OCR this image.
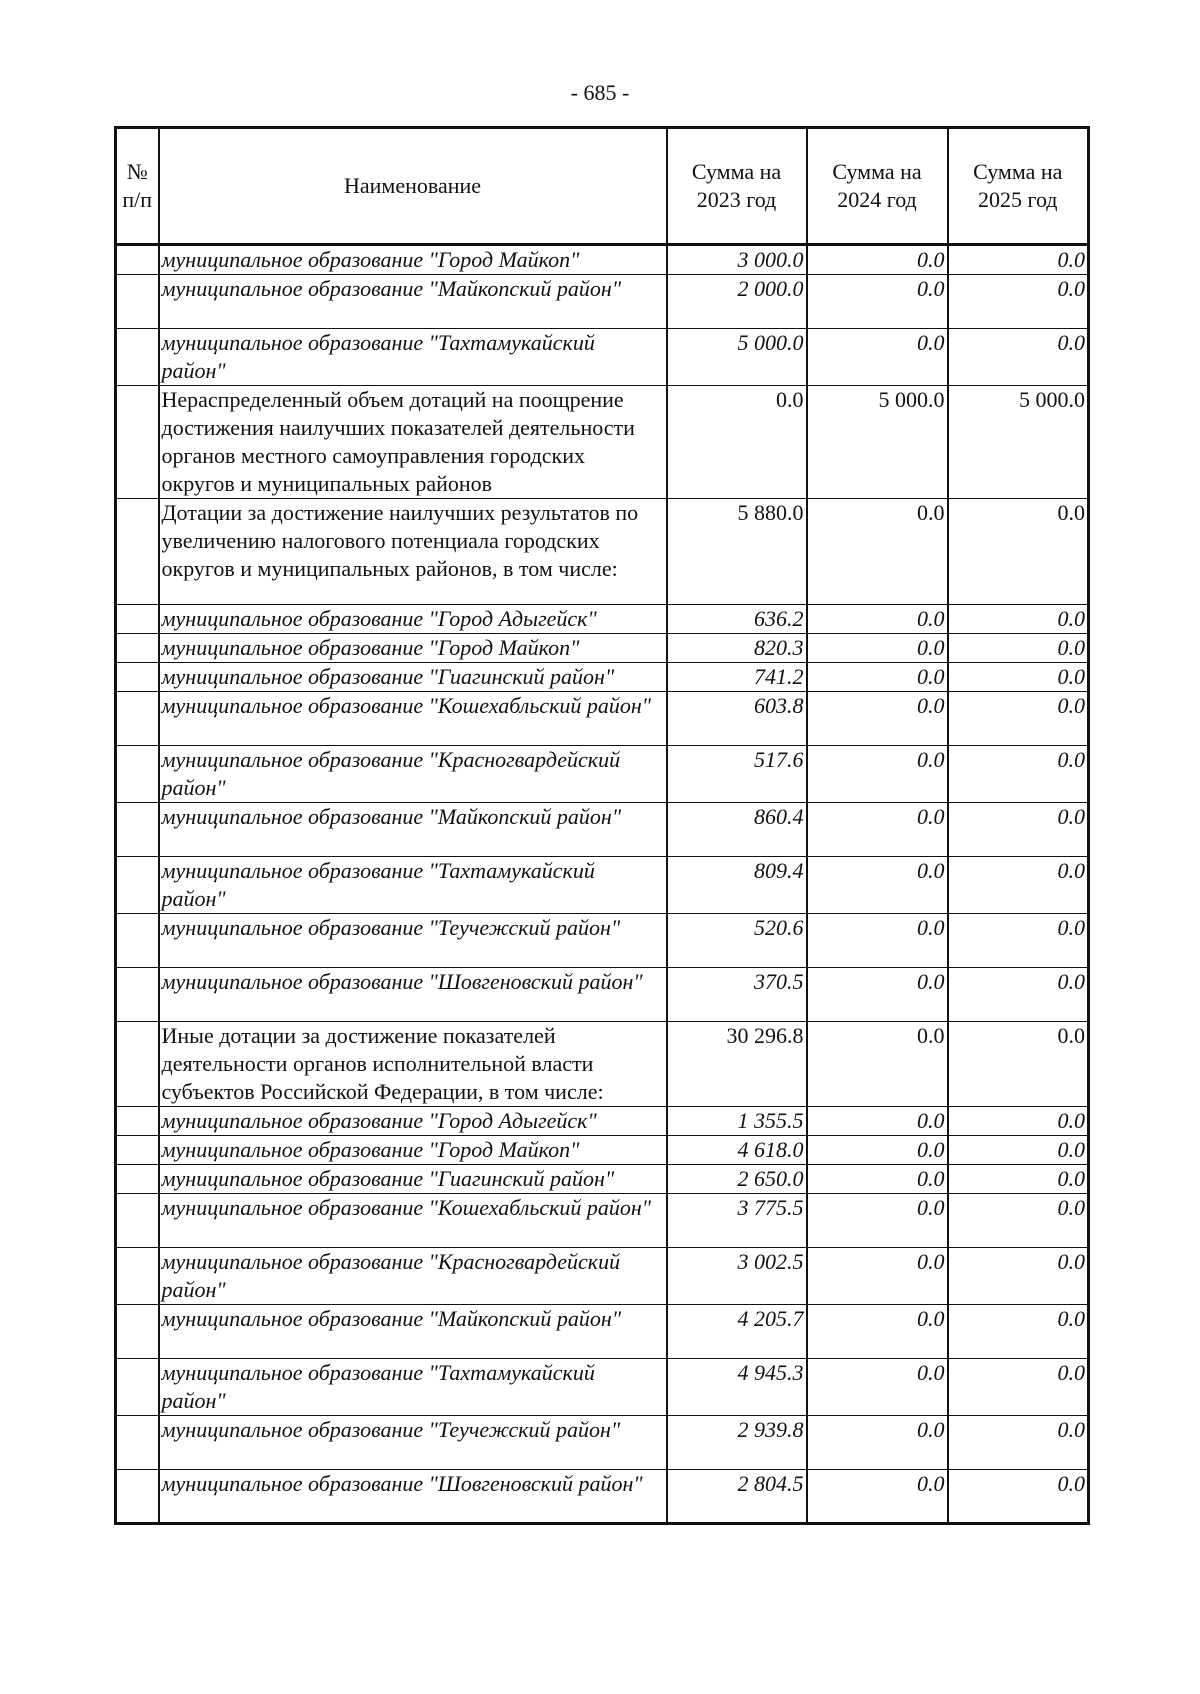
- 685 -
№ п/п	Наименование	Сумма на 2023 год	Сумма на 2024 год	Сумма на 2025 год
	муниципальное образование "Город Майкоп"	3 000.0	0.0	0.0
	муниципальное образование "Майкопский район"	2 000.0	0.0	0.0
	муниципальное образование "Тахтамукайский район"	5 000.0	0.0	0.0
	Нераспределенный объем дотаций на поощрение достижения наилучших показателей деятельности органов местного самоуправления городских округов и муниципальных районов	0.0	5 000.0	5 000.0
	Дотации за достижение наилучших результатов по увеличению налогового потенциала городских округов и муниципальных районов, в том числе:	5 880.0	0.0	0.0
	муниципальное образование "Город Адыгейск"	636.2	0.0	0.0
	муниципальное образование "Город Майкоп"	820.3	0.0	0.0
	муниципальное образование "Гиагинский район"	741.2	0.0	0.0
	муниципальное образование "Кошехабльский район"	603.8	0.0	0.0
	муниципальное образование "Красногвардейский район"	517.6	0.0	0.0
	муниципальное образование "Майкопский район"	860.4	0.0	0.0
	муниципальное образование "Тахтамукайский район"	809.4	0.0	0.0
	муниципальное образование "Теучежский район"	520.6	0.0	0.0
	муниципальное образование "Шовгеновский район"	370.5	0.0	0.0
	Иные дотации за достижение показателей деятельности органов исполнительной власти субъектов Российской Федерации, в том числе:	30 296.8	0.0	0.0
	муниципальное образование "Город Адыгейск"	1 355.5	0.0	0.0
	муниципальное образование "Город Майкоп"	4 618.0	0.0	0.0
	муниципальное образование "Гиагинский район"	2 650.0	0.0	0.0
	муниципальное образование "Кошехабльский район"	3 775.5	0.0	0.0
	муниципальное образование "Красногвардейский район"	3 002.5	0.0	0.0
	муниципальное образование "Майкопский район"	4 205.7	0.0	0.0
	муниципальное образование "Тахтамукайский район"	4 945.3	0.0	0.0
	муниципальное образование "Теучежский район"	2 939.8	0.0	0.0
	муниципальное образование "Шовгеновский район"	2 804.5	0.0	0.0
